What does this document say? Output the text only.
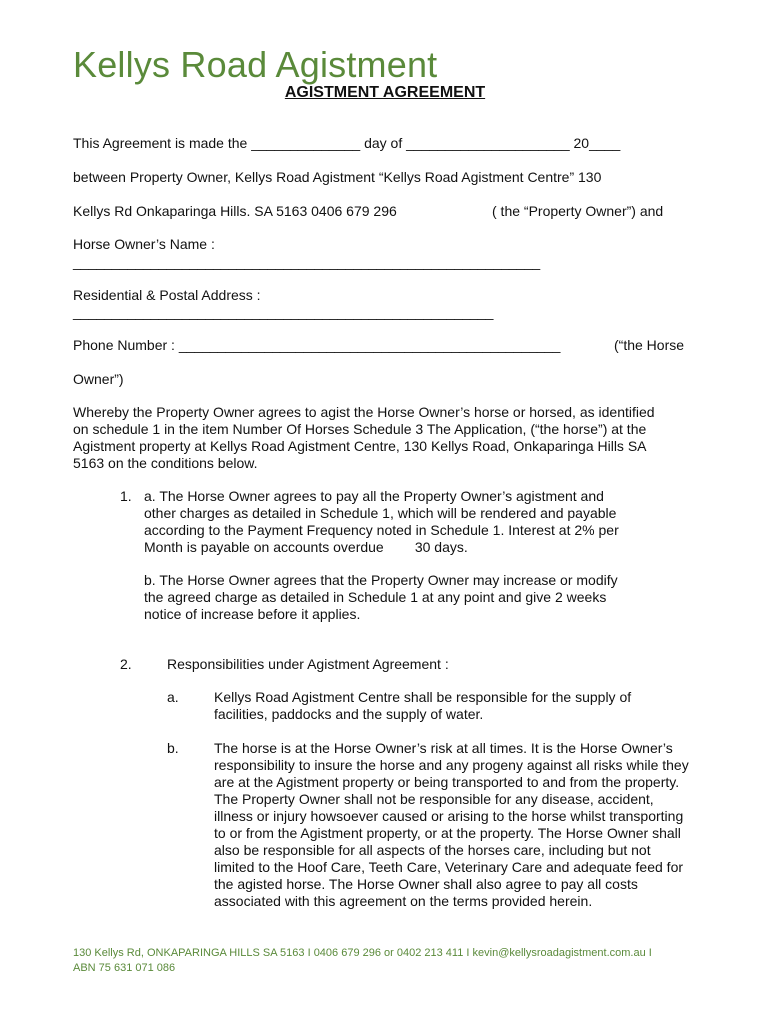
Kellys Road Agistment
AGISTMENT AGREEMENT
This Agreement is made the ______________ day of _____________________ 20____
between Property Owner, Kellys Road Agistment “Kellys Road Agistment Centre” 130
Kellys Rd Onkaparinga Hills. SA 5163 0406 679 296	( the “Property Owner”) and
Horse Owner’s Name :
____________________________________________________________
Residential & Postal Address :
______________________________________________________
Phone Number : _________________________________________________	(“the Horse
Owner”)
Whereby the Property Owner agrees to agist the Horse Owner’s horse or horsed, as identified on schedule 1 in the item Number Of Horses Schedule 3 The Application, (“the horse”) at the Agistment property at Kellys Road Agistment Centre, 130 Kellys Road, Onkaparinga Hills SA 5163 on the conditions below.
1. a. The Horse Owner agrees to pay all the Property Owner’s agistment and
other charges as detailed in Schedule 1, which will be rendered and payable
according to the Payment Frequency noted in Schedule 1. Interest at 2% per
Month is payable on accounts overdue        30 days.
b. The Horse Owner agrees that the Property Owner may increase or modify
the agreed charge as detailed in Schedule 1 at any point and give 2 weeks
notice of increase before it applies.
2.	Responsibilities under Agistment Agreement :
a.	Kellys Road Agistment Centre shall be responsible for the supply of facilities, paddocks and the supply of water.
b.	The horse is at the Horse Owner’s risk at all times. It is the Horse Owner’s responsibility to insure the horse and any progeny against all risks while they are at the Agistment property or being transported to and from the property. The Property Owner shall not be responsible for any disease, accident, illness or injury howsoever caused or arising to the horse whilst transporting to or from the Agistment property, or at the property. The Horse Owner shall also be responsible for all aspects of the horses care, including but not limited to the Hoof Care, Teeth Care, Veterinary Care and adequate feed for the agisted horse. The Horse Owner shall also agree to pay all costs associated with this agreement on the terms provided herein.
130 Kellys Rd, ONKAPARINGA HILLS SA 5163 I 0406 679 296 or 0402 213 411 I kevin@kellysroadagistment.com.au I
ABN 75 631 071 086
